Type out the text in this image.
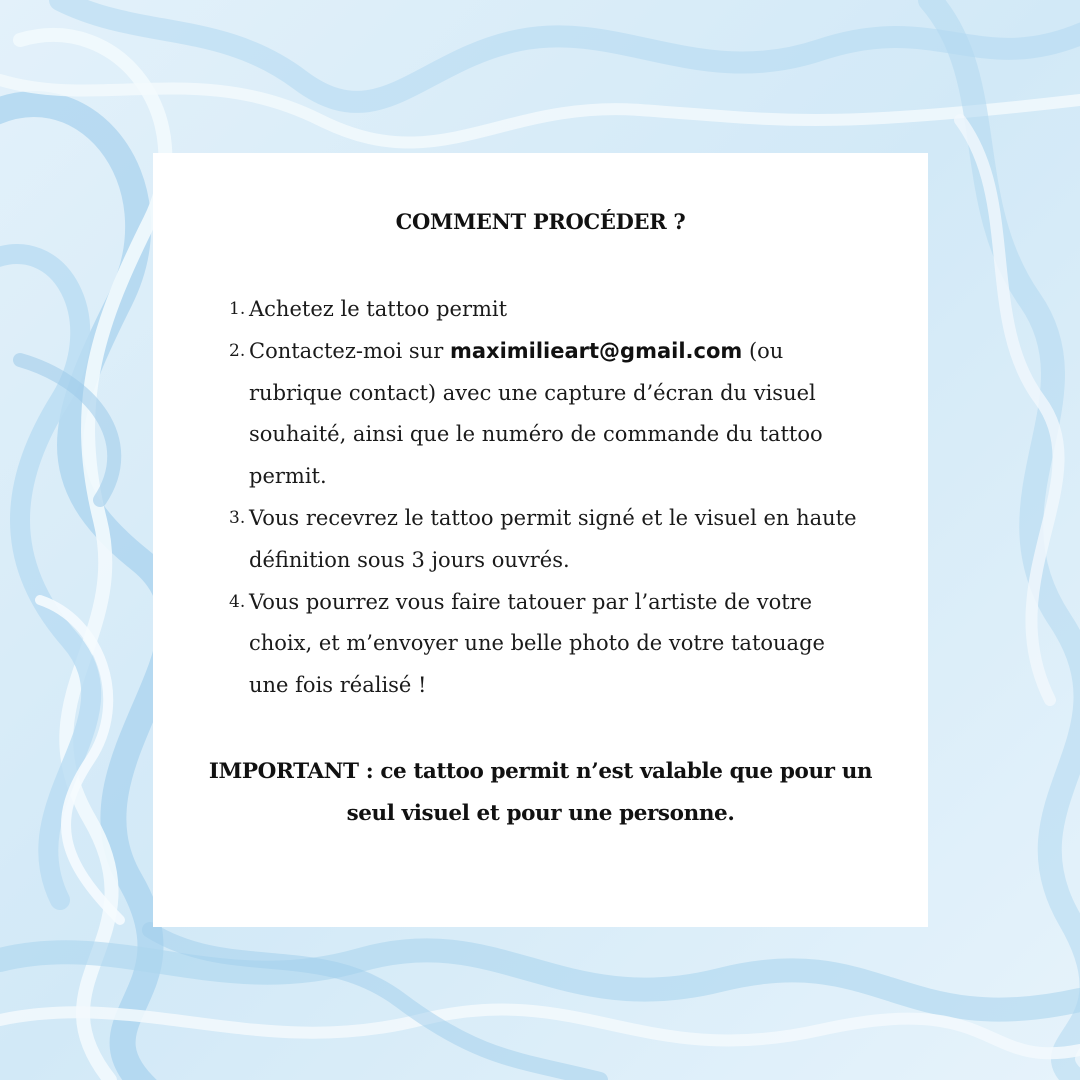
COMMENT PROCÉDER ?
1. Achetez le tattoo permit
2. Contactez-moi sur maximilieart@gmail.com (ou rubrique contact) avec une capture d’écran du visuel souhaité, ainsi que le numéro de commande du tattoo permit.
3. Vous recevrez le tattoo permit signé et le visuel en haute définition sous 3 jours ouvrés.
4. Vous pourrez vous faire tatouer par l’artiste de votre choix, et m’envoyer une belle photo de votre tatouage une fois réalisé !
IMPORTANT : ce tattoo permit n’est valable que pour un seul visuel et pour une personne.
